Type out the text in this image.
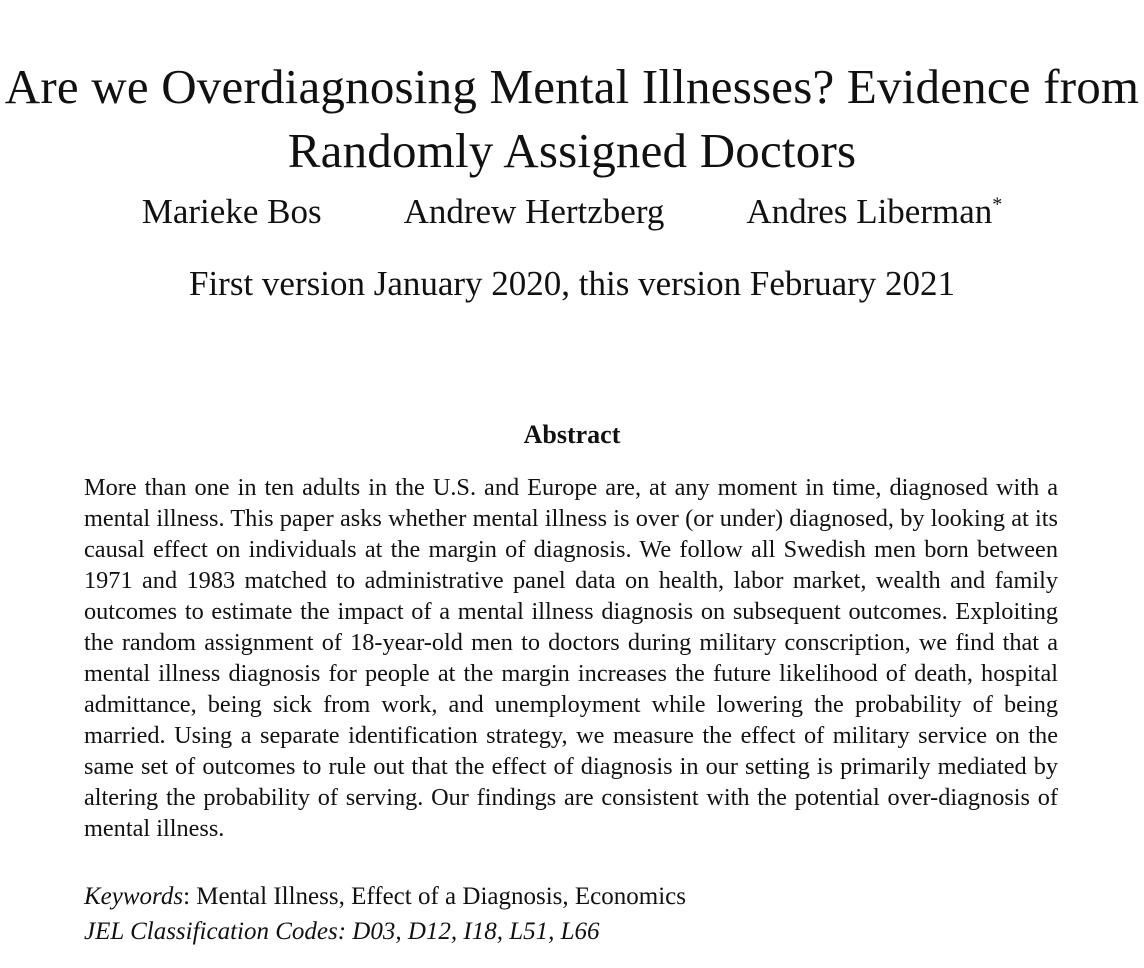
Are we Overdiagnosing Mental Illnesses? Evidence from Randomly Assigned Doctors
Marieke Bos Andrew Hertzberg Andres Liberman*
First version January 2020, this version February 2021
Abstract
More than one in ten adults in the U.S. and Europe are, at any moment in time, diagnosed with a mental illness. This paper asks whether mental illness is over (or under) diagnosed, by looking at its causal effect on individuals at the margin of diagnosis. We follow all Swedish men born between 1971 and 1983 matched to administrative panel data on health, labor market, wealth and family outcomes to estimate the impact of a mental illness diagnosis on subsequent outcomes. Exploiting the random assignment of 18-year-old men to doctors during military conscription, we find that a mental illness diagnosis for people at the margin increases the future likelihood of death, hospital admittance, being sick from work, and unemployment while lowering the probability of being married. Using a separate identification strategy, we measure the effect of military service on the same set of outcomes to rule out that the effect of diagnosis in our setting is primarily mediated by altering the probability of serving. Our findings are consistent with the potential over-diagnosis of mental illness.
Keywords: Mental Illness, Effect of a Diagnosis, Economics
JEL Classification Codes: D03, D12, I18, L51, L66
